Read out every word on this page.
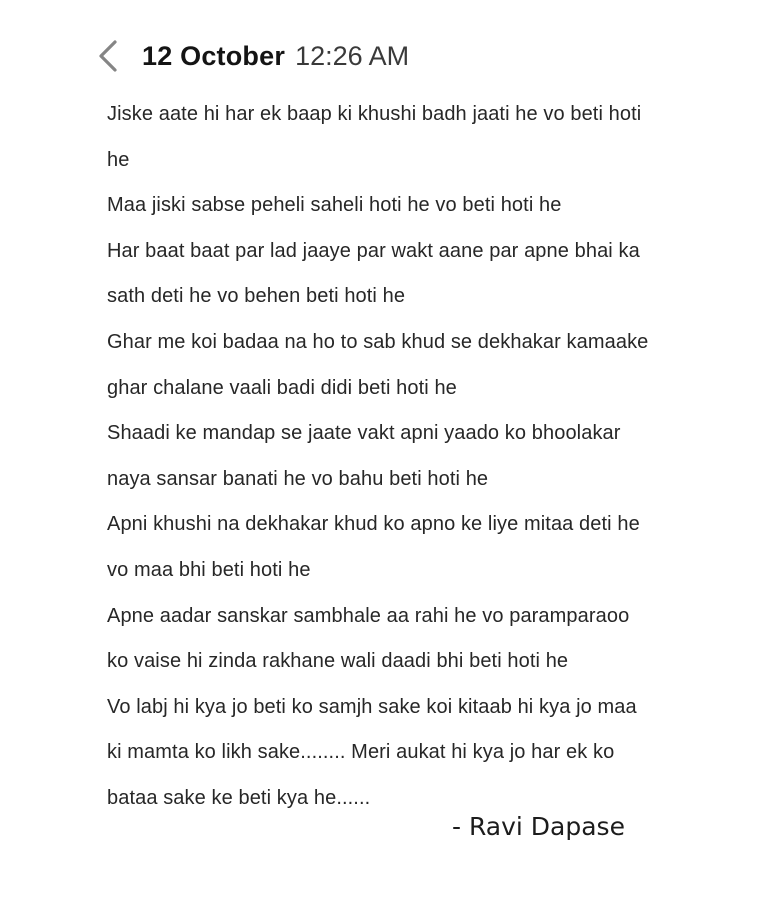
12 October 12:26 AM
Jiske aate hi har ek baap ki khushi badh jaati he vo beti hoti
he
Maa jiski sabse peheli saheli hoti he vo beti hoti he
Har baat baat par lad jaaye par wakt aane par apne bhai ka
sath deti he vo behen beti hoti he
Ghar me koi badaa na ho to sab khud se dekhakar kamaake
ghar chalane vaali badi didi beti hoti he
Shaadi ke mandap se jaate vakt apni yaado ko bhoolakar
naya sansar banati he vo bahu beti hoti he
Apni khushi na dekhakar khud ko apno ke liye mitaa deti he
vo maa bhi beti hoti he
Apne aadar sanskar sambhale aa rahi he vo paramparaoo
ko vaise hi zinda rakhane wali daadi bhi beti hoti he
Vo labj hi kya jo beti ko samjh sake koi kitaab hi kya jo maa
ki mamta ko likh sake........ Meri aukat hi kya jo har ek ko
bataa sake ke beti kya he......
- Ravi Dapase
